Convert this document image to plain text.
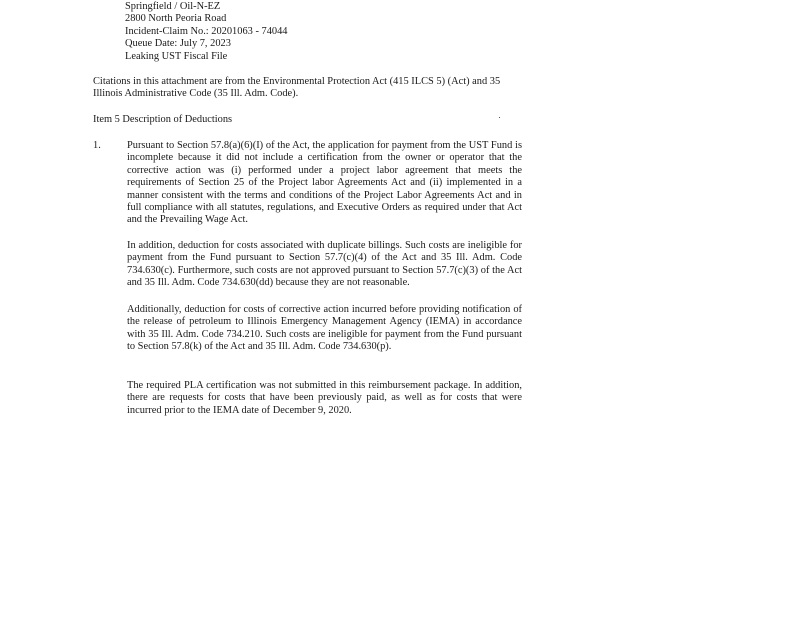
Springfield / Oil-N-EZ
2800 North Peoria Road
Incident-Claim No.: 20201063 - 74044
Queue Date: July 7, 2023
Leaking UST Fiscal File
Citations in this attachment are from the Environmental Protection Act (415 ILCS 5) (Act) and 35 Illinois Administrative Code (35 Ill. Adm. Code).
Item 5 Description of Deductions
1.	Pursuant to Section 57.8(a)(6)(I) of the Act, the application for payment from the UST Fund is incomplete because it did not include a certification from the owner or operator that the corrective action was (i) performed under a project labor agreement that meets the requirements of Section 25 of the Project labor Agreements Act and (ii) implemented in a manner consistent with the terms and conditions of the Project Labor Agreements Act and in full compliance with all statutes, regulations, and Executive Orders as required under that Act and the Prevailing Wage Act.
In addition, deduction for costs associated with duplicate billings. Such costs are ineligible for payment from the Fund pursuant to Section 57.7(c)(4) of the Act and 35 Ill. Adm. Code 734.630(c). Furthermore, such costs are not approved pursuant to Section 57.7(c)(3) of the Act and 35 Ill. Adm. Code 734.630(dd) because they are not reasonable.
Additionally, deduction for costs of corrective action incurred before providing notification of the release of petroleum to Illinois Emergency Management Agency (IEMA) in accordance with 35 Ill. Adm. Code 734.210. Such costs are ineligible for payment from the Fund pursuant to Section 57.8(k) of the Act and 35 Ill. Adm. Code 734.630(p).
The required PLA certification was not submitted in this reimbursement package. In addition, there are requests for costs that have been previously paid, as well as for costs that were incurred prior to the IEMA date of December 9, 2020.
